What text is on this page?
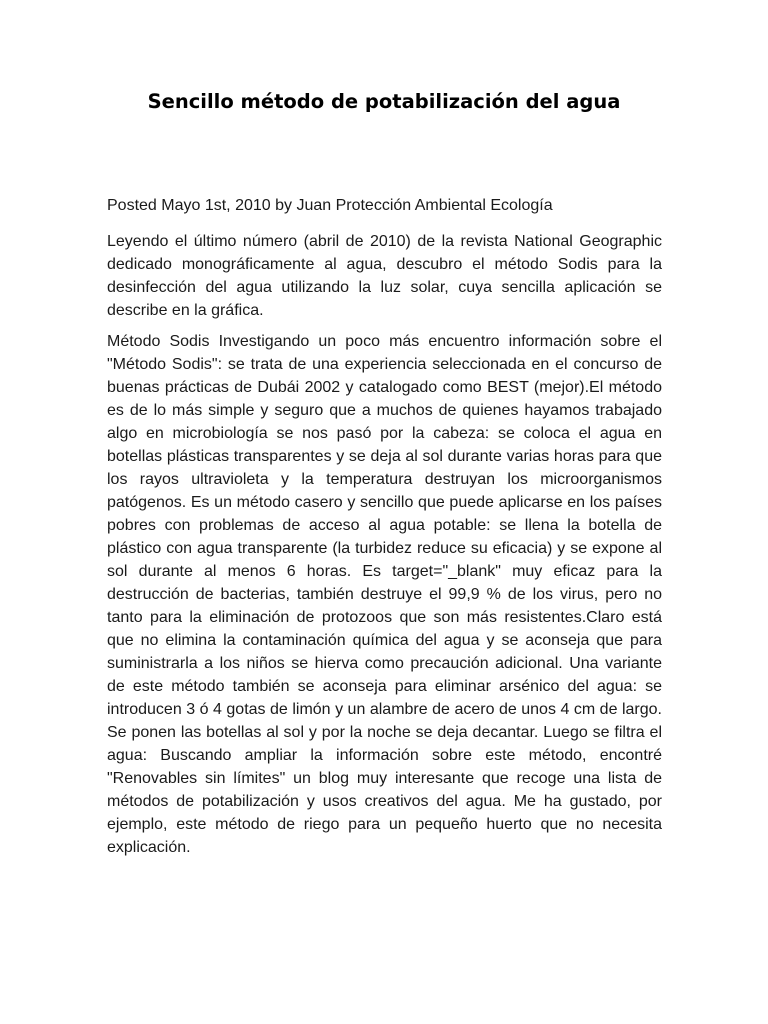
Sencillo método de potabilización del agua

Posted Mayo 1st, 2010 by Juan Protección Ambiental Ecología

Leyendo el último número (abril de 2010) de la revista National Geographic dedicado monográficamente al agua, descubro el método Sodis para la desinfección del agua utilizando la luz solar, cuya sencilla aplicación se describe en la gráfica.

Método Sodis Investigando un poco más encuentro información sobre el "Método Sodis": se trata de una experiencia seleccionada en el concurso de buenas prácticas de Dubái 2002 y catalogado como BEST (mejor).El método es de lo más simple y seguro que a muchos de quienes hayamos trabajado algo en microbiología se nos pasó por la cabeza: se coloca el agua en botellas plásticas transparentes y se deja al sol durante varias horas para que los rayos ultravioleta y la temperatura destruyan los microorganismos patógenos. Es un método casero y sencillo que puede aplicarse en los países pobres con problemas de acceso al agua potable: se llena la botella de plástico con agua transparente (la turbidez reduce su eficacia) y se expone al sol durante al menos 6 horas. Es target="_blank" muy eficaz para la destrucción de bacterias, también destruye el 99,9 % de los virus, pero no tanto para la eliminación de protozoos que son más resistentes.Claro está que no elimina la contaminación química del agua y se aconseja que para suministrarla a los niños se hierva como precaución adicional. Una variante de este método también se aconseja para eliminar arsénico del agua: se introducen 3 ó 4 gotas de limón y un alambre de acero de unos 4 cm de largo. Se ponen las botellas al sol y por la noche se deja decantar. Luego se filtra el agua: Buscando ampliar la información sobre este método, encontré "Renovables sin límites" un blog muy interesante que recoge una lista de métodos de potabilización y usos creativos del agua. Me ha gustado, por ejemplo, este método de riego para un pequeño huerto que no necesita explicación.
